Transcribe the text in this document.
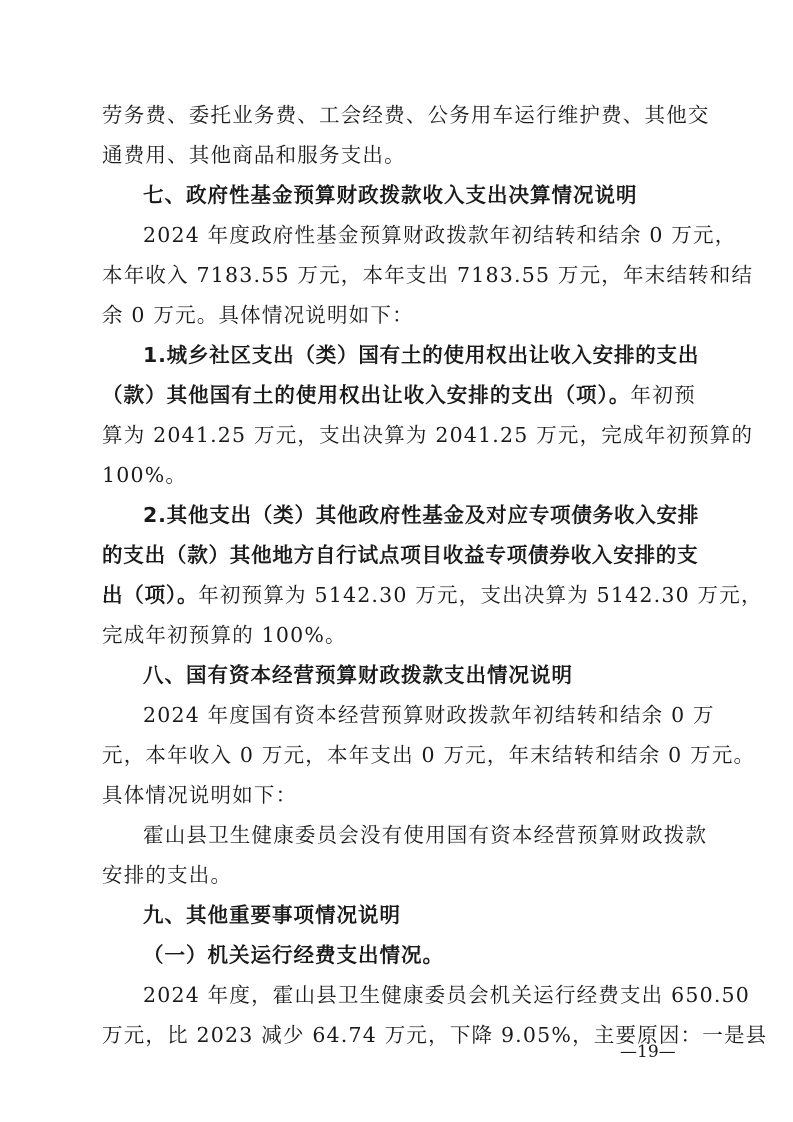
劳务费、委托业务费、工会经费、公务用车运行维护费、其他交
通费用、其他商品和服务支出。
七、政府性基金预算财政拨款收入支出决算情况说明
2024 年度政府性基金预算财政拨款年初结转和结余 0 万元，
本年收入 7183.55 万元，本年支出 7183.55 万元，年末结转和结
余 0 万元。具体情况说明如下：
1.城乡社区支出（类）国有土的使用权出让收入安排的支出
（款）其他国有土的使用权出让收入安排的支出（项）。年初预
算为 2041.25 万元，支出决算为 2041.25 万元，完成年初预算的
100%。
2.其他支出（类）其他政府性基金及对应专项债务收入安排
的支出（款）其他地方自行试点项目收益专项债券收入安排的支
出（项）。年初预算为 5142.30 万元，支出决算为 5142.30 万元，
完成年初预算的 100%。
八、国有资本经营预算财政拨款支出情况说明
2024 年度国有资本经营预算财政拨款年初结转和结余 0 万
元，本年收入 0 万元，本年支出 0 万元，年末结转和结余 0 万元。
具体情况说明如下：
霍山县卫生健康委员会没有使用国有资本经营预算财政拨款
安排的支出。
九、其他重要事项情况说明
（一）机关运行经费支出情况。
2024 年度，霍山县卫生健康委员会机关运行经费支出 650.50
万元，比 2023 减少 64.74 万元，下降 9.05%，主要原因：一是县
—19—
